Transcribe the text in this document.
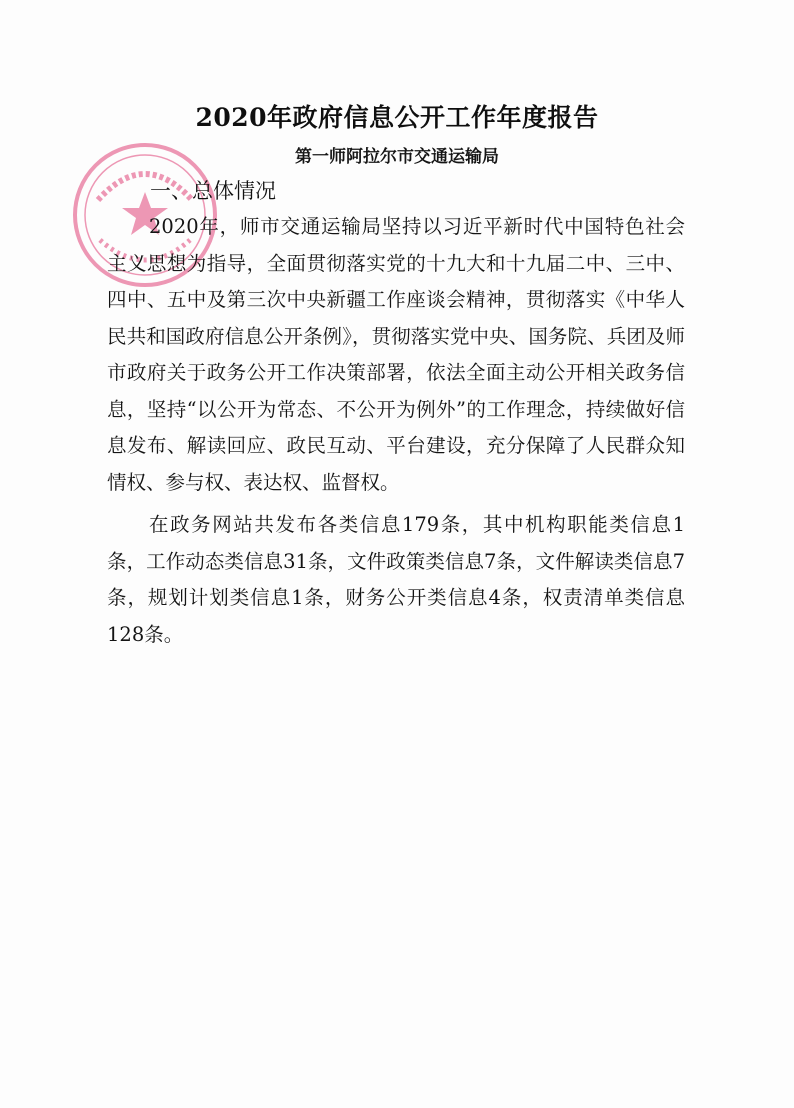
2020年政府信息公开工作年度报告
第一师阿拉尔市交通运输局
一、总体情况

2020年，师市交通运输局坚持以习近平新时代中国特色社会主义思想为指导，全面贯彻落实党的十九大和十九届二中、三中、四中、五中及第三次中央新疆工作座谈会精神，贯彻落实《中华人民共和国政府信息公开条例》，贯彻落实党中央、国务院、兵团及师市政府关于政务公开工作决策部署，依法全面主动公开相关政务信息，坚持“以公开为常态、不公开为例外”的工作理念，持续做好信息发布、解读回应、政民互动、平台建设，充分保障了人民群众知情权、参与权、表达权、监督权。

在政务网站共发布各类信息179条，其中机构职能类信息1条，工作动态类信息31条，文件政策类信息7条，文件解读类信息7条，规划计划类信息1条，财务公开类信息4条，权责清单类信息128条。
